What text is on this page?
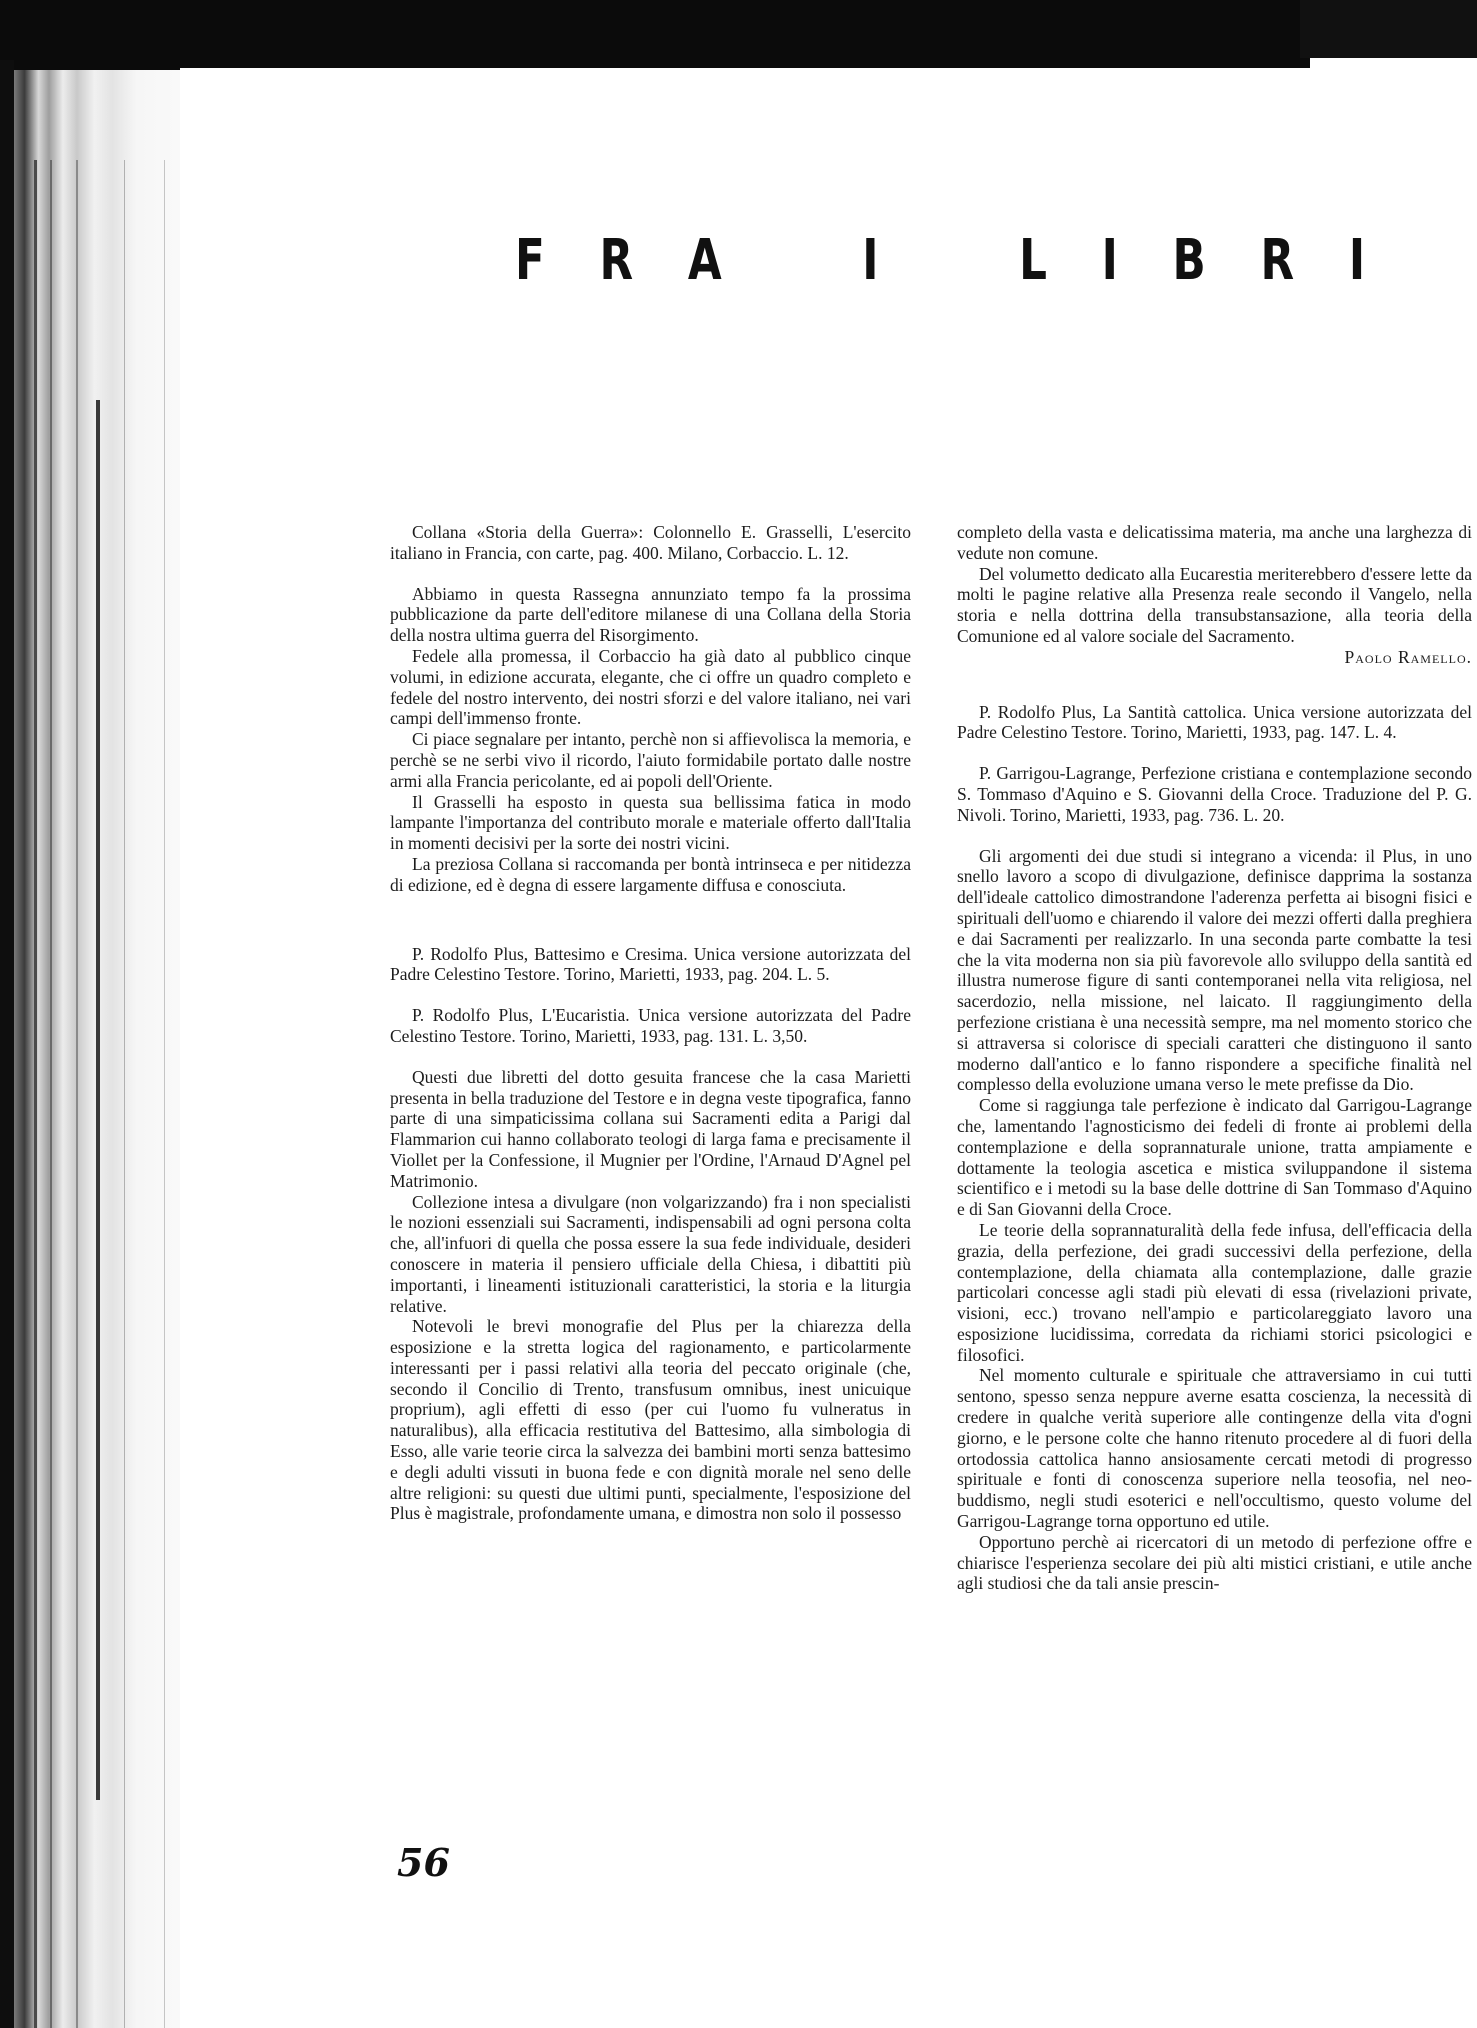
F R A	I	L I B R I

Collana «Storia della Guerra»: Colonnello E. Grasselli, L'esercito italiano in Francia, con carte, pag. 400. Milano, Corbaccio. L. 12.

Abbiamo in questa Rassegna annunziato tempo fa la prossima pubblicazione da parte dell'editore milanese di una Collana della Storia della nostra ultima guerra del Risorgimento.

Fedele alla promessa, il Corbaccio ha già dato al pubblico cinque volumi, in edizione accurata, elegante, che ci offre un quadro completo e fedele del nostro intervento, dei nostri sforzi e del valore italiano, nei vari campi dell'immenso fronte.

Ci piace segnalare per intanto, perchè non si affievolisca la memoria, e perchè se ne serbi vivo il ricordo, l'aiuto formidabile portato dalle nostre armi alla Francia pericolante, ed ai popoli dell'Oriente.

Il Grasselli ha esposto in questa sua bellissima fatica in modo lampante l'importanza del contributo morale e materiale offerto dall'Italia in momenti decisivi per la sorte dei nostri vicini.

La preziosa Collana si raccomanda per bontà intrinseca e per nitidezza di edizione, ed è degna di essere largamente diffusa e conosciuta.

P. Rodolfo Plus, Battesimo e Cresima. Unica versione autorizzata del Padre Celestino Testore. Torino, Marietti, 1933, pag. 204. L. 5.

P. Rodolfo Plus, L'Eucaristia. Unica versione autorizzata del Padre Celestino Testore. Torino, Marietti, 1933, pag. 131. L. 3,50.

Questi due libretti del dotto gesuita francese che la casa Marietti presenta in bella traduzione del Testore e in degna veste tipografica, fanno parte di una simpaticissima collana sui Sacramenti edita a Parigi dal Flammarion cui hanno collaborato teologi di larga fama e precisamente il Viollet per la Confessione, il Mugnier per l'Ordine, l'Arnaud D'Agnel pel Matrimonio.

Collezione intesa a divulgare (non volgarizzando) fra i non specialisti le nozioni essenziali sui Sacramenti, indispensabili ad ogni persona colta che, all'infuori di quella che possa essere la sua fede individuale, desideri conoscere in materia il pensiero ufficiale della Chiesa, i dibattiti più importanti, i lineamenti istituzionali caratteristici, la storia e la liturgia relative.

Notevoli le brevi monografie del Plus per la chiarezza della esposizione e la stretta logica del ragionamento, e particolarmente interessanti per i passi relativi alla teoria del peccato originale (che, secondo il Concilio di Trento, transfusum omnibus, inest unicuique proprium), agli effetti di esso (per cui l'uomo fu vulneratus in naturalibus), alla efficacia restitutiva del Battesimo, alla simbologia di Esso, alle varie teorie circa la salvezza dei bambini morti senza battesimo e degli adulti vissuti in buona fede e con dignità morale nel seno delle altre religioni: su questi due ultimi punti, specialmente, l'esposizione del Plus è magistrale, profondamente umana, e dimostra non solo il possesso

completo della vasta e delicatissima materia, ma anche una larghezza di vedute non comune.

Del volumetto dedicato alla Eucarestia meriterebbero d'essere lette da molti le pagine relative alla Presenza reale secondo il Vangelo, nella storia e nella dottrina della transubstansazione, alla teoria della Comunione ed al valore sociale del Sacramento.

Paolo Ramello.

P. Rodolfo Plus, La Santità cattolica. Unica versione autorizzata del Padre Celestino Testore. Torino, Marietti, 1933, pag. 147. L. 4.

P. Garrigou-Lagrange, Perfezione cristiana e contemplazione secondo S. Tommaso d'Aquino e S. Giovanni della Croce. Traduzione del P. G. Nivoli. Torino, Marietti, 1933, pag. 736. L. 20.

Gli argomenti dei due studi si integrano a vicenda: il Plus, in uno snello lavoro a scopo di divulgazione, definisce dapprima la sostanza dell'ideale cattolico dimostrandone l'aderenza perfetta ai bisogni fisici e spirituali dell'uomo e chiarendo il valore dei mezzi offerti dalla preghiera e dai Sacramenti per realizzarlo. In una seconda parte combatte la tesi che la vita moderna non sia più favorevole allo sviluppo della santità ed illustra numerose figure di santi contemporanei nella vita religiosa, nel sacerdozio, nella missione, nel laicato. Il raggiungimento della perfezione cristiana è una necessità sempre, ma nel momento storico che si attraversa si colorisce di speciali caratteri che distinguono il santo moderno dall'antico e lo fanno rispondere a specifiche finalità nel complesso della evoluzione umana verso le mete prefisse da Dio.

Come si raggiunga tale perfezione è indicato dal Garrigou-Lagrange che, lamentando l'agnosticismo dei fedeli di fronte ai problemi della contemplazione e della soprannaturale unione, tratta ampiamente e dottamente la teologia ascetica e mistica sviluppandone il sistema scientifico e i metodi su la base delle dottrine di San Tommaso d'Aquino e di San Giovanni della Croce.

Le teorie della soprannaturalità della fede infusa, dell'efficacia della grazia, della perfezione, dei gradi successivi della perfezione, della contemplazione, della chiamata alla contemplazione, dalle grazie particolari concesse agli stadi più elevati di essa (rivelazioni private, visioni, ecc.) trovano nell'ampio e particolareggiato lavoro una esposizione lucidissima, corredata da richiami storici psicologici e filosofici.

Nel momento culturale e spirituale che attraversiamo in cui tutti sentono, spesso senza neppure averne esatta coscienza, la necessità di credere in qualche verità superiore alle contingenze della vita d'ogni giorno, e le persone colte che hanno ritenuto procedere al di fuori della ortodossia cattolica hanno ansiosamente cercati metodi di progresso spirituale e fonti di conoscenza superiore nella teosofia, nel neo-buddismo, negli studi esoterici e nell'occultismo, questo volume del Garrigou-Lagrange torna opportuno ed utile.

Opportuno perchè ai ricercatori di un metodo di perfezione offre e chiarisce l'esperienza secolare dei più alti mistici cristiani, e utile anche agli studiosi che da tali ansie prescin-

56
